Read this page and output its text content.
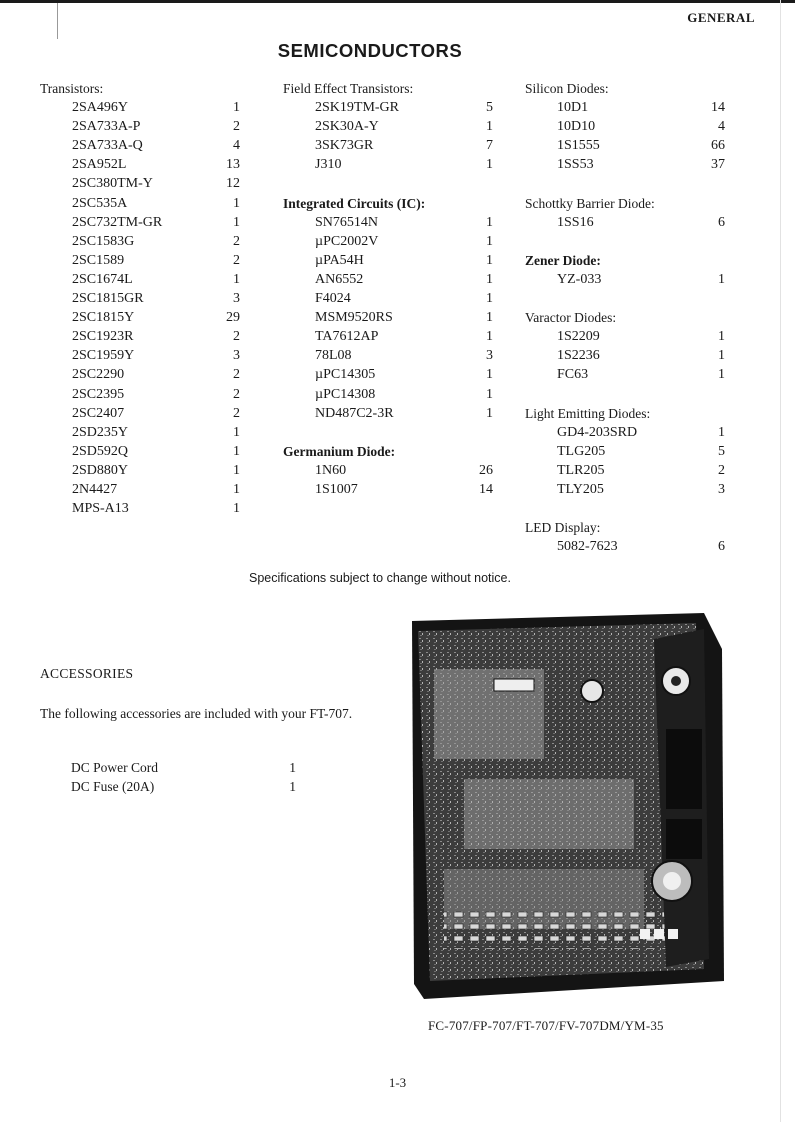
GENERAL
SEMICONDUCTORS
Transistors:
2SA496Y	1
2SA733A-P	2
2SA733A-Q	4
2SA952L	13
2SC380TM-Y	12
2SC535A	1
2SC732TM-GR	1
2SC1583G	2
2SC1589	2
2SC1674L	1
2SC1815GR	3
2SC1815Y	29
2SC1923R	2
2SC1959Y	3
2SC2290	2
2SC2395	2
2SC2407	2
2SD235Y	1
2SD592Q	1
2SD880Y	1
2N4427	1
MPS-A13	1
Field Effect Transistors:
2SK19TM-GR	5
2SK30A-Y	1
3SK73GR	7
J310	1
Integrated Circuits (IC):
SN76514N	1
µPC2002V	1
µPA54H	1
AN6552	1
F4024	1
MSM9520RS	1
TA7612AP	1
78L08	3
µPC14305	1
µPC14308	1
ND487C2-3R	1
Germanium Diode:
1N60	26
1S1007	14
Silicon Diodes:
10D1	14
10D10	4
1S1555	66
1SS53	37
Schottky Barrier Diode:
1SS16	6
Zener Diode:
YZ-033	1
Varactor Diodes:
1S2209	1
1S2236	1
FC63	1
Light Emitting Diodes:
GD4-203SRD	1
TLG205	5
TLR205	2
TLY205	3
LED Display:
5082-7623	6
Specifications subject to change without notice.
ACCESSORIES
The following accessories are included with your FT-707.
DC Power Cord	1
DC Fuse (20A)	1
FC-707/FP-707/FT-707/FV-707DM/YM-35
1-3
